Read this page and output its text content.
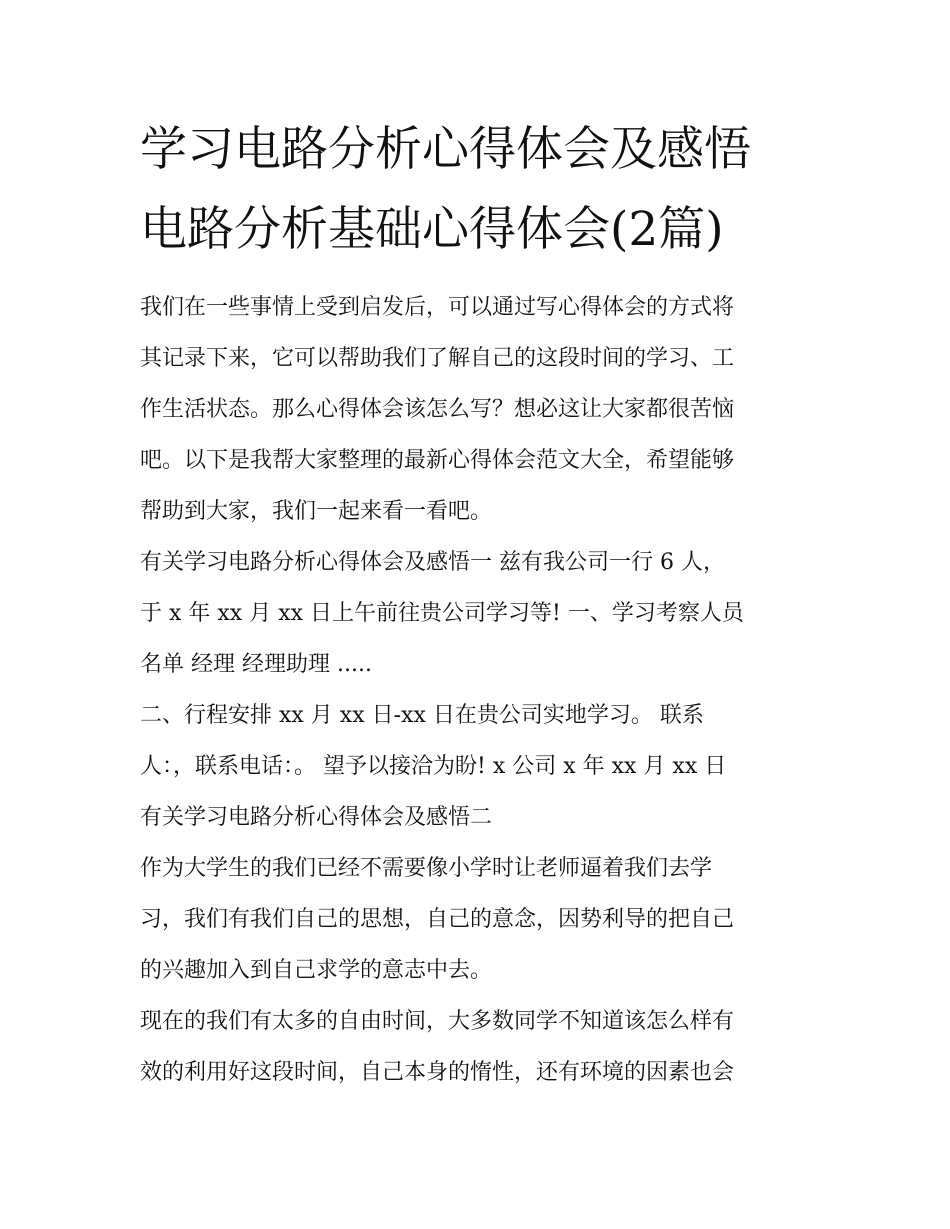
学习电路分析心得体会及感悟
电路分析基础心得体会(2篇)
我们在一些事情上受到启发后，可以通过写心得体会的方式将
其记录下来，它可以帮助我们了解自己的这段时间的学习、工
作生活状态。那么心得体会该怎么写？想必这让大家都很苦恼
吧。以下是我帮大家整理的最新心得体会范文大全，希望能够
帮助到大家，我们一起来看一看吧。
有关学习电路分析心得体会及感悟一 兹有我公司一行 6 人，
于 x 年 xx 月 xx 日上午前往贵公司学习等! 一、学习考察人员
名单 经理 经理助理 .....
二、行程安排 xx 月 xx 日-xx 日在贵公司实地学习。 联系
人：，联系电话：。 望予以接洽为盼! x 公司 x 年 xx 月 xx 日
有关学习电路分析心得体会及感悟二
作为大学生的我们已经不需要像小学时让老师逼着我们去学
习，我们有我们自己的思想，自己的意念，因势利导的把自己
的兴趣加入到自己求学的意志中去。
现在的我们有太多的自由时间，大多数同学不知道该怎么样有
效的利用好这段时间，自己本身的惰性，还有环境的因素也会
